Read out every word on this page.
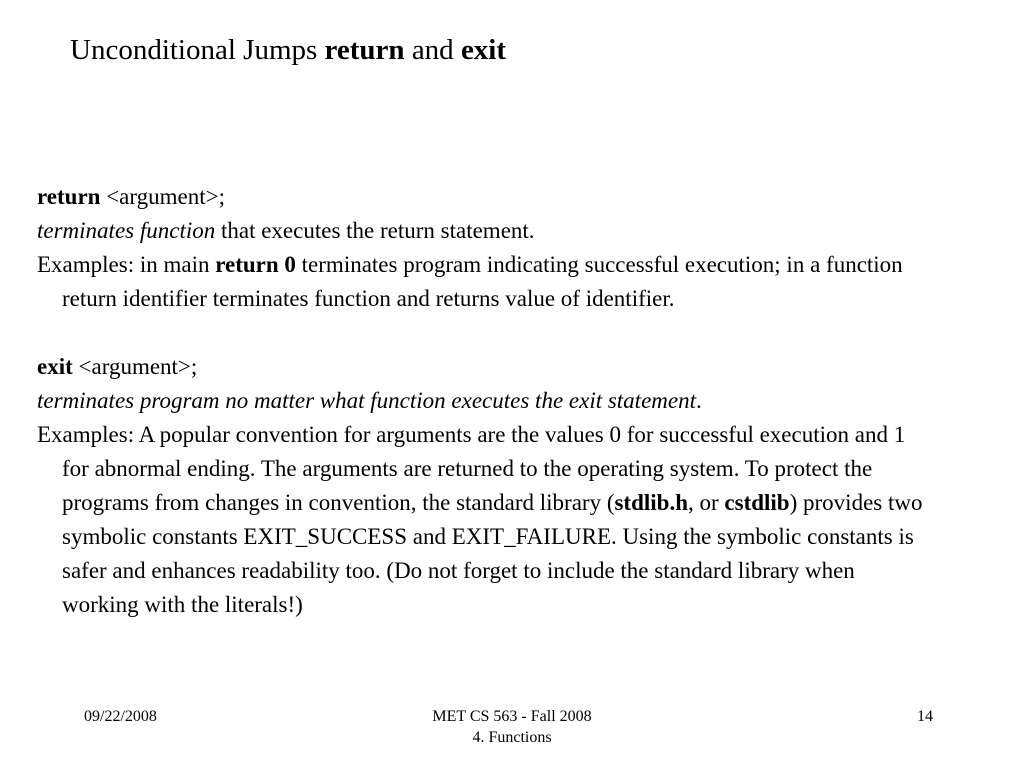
Unconditional Jumps return and exit

return <argument>;

terminates function that executes the return statement.

Examples: in main return 0 terminates program indicating successful execution; in a function return identifier terminates function and returns value of identifier.

exit <argument>;

terminates program no matter what function executes the exit statement.

Examples: A popular convention for arguments are the values 0 for successful execution and 1 for abnormal ending. The arguments are returned to the operating system. To protect the programs from changes in convention, the standard library (stdlib.h, or cstdlib) provides two symbolic constants EXIT_SUCCESS and EXIT_FAILURE. Using the symbolic constants is safer and enhances readability too. (Do not forget to include the standard library when working with the literals!)

09/22/2008	MET CS 563 - Fall 2008
4. Functions
14
